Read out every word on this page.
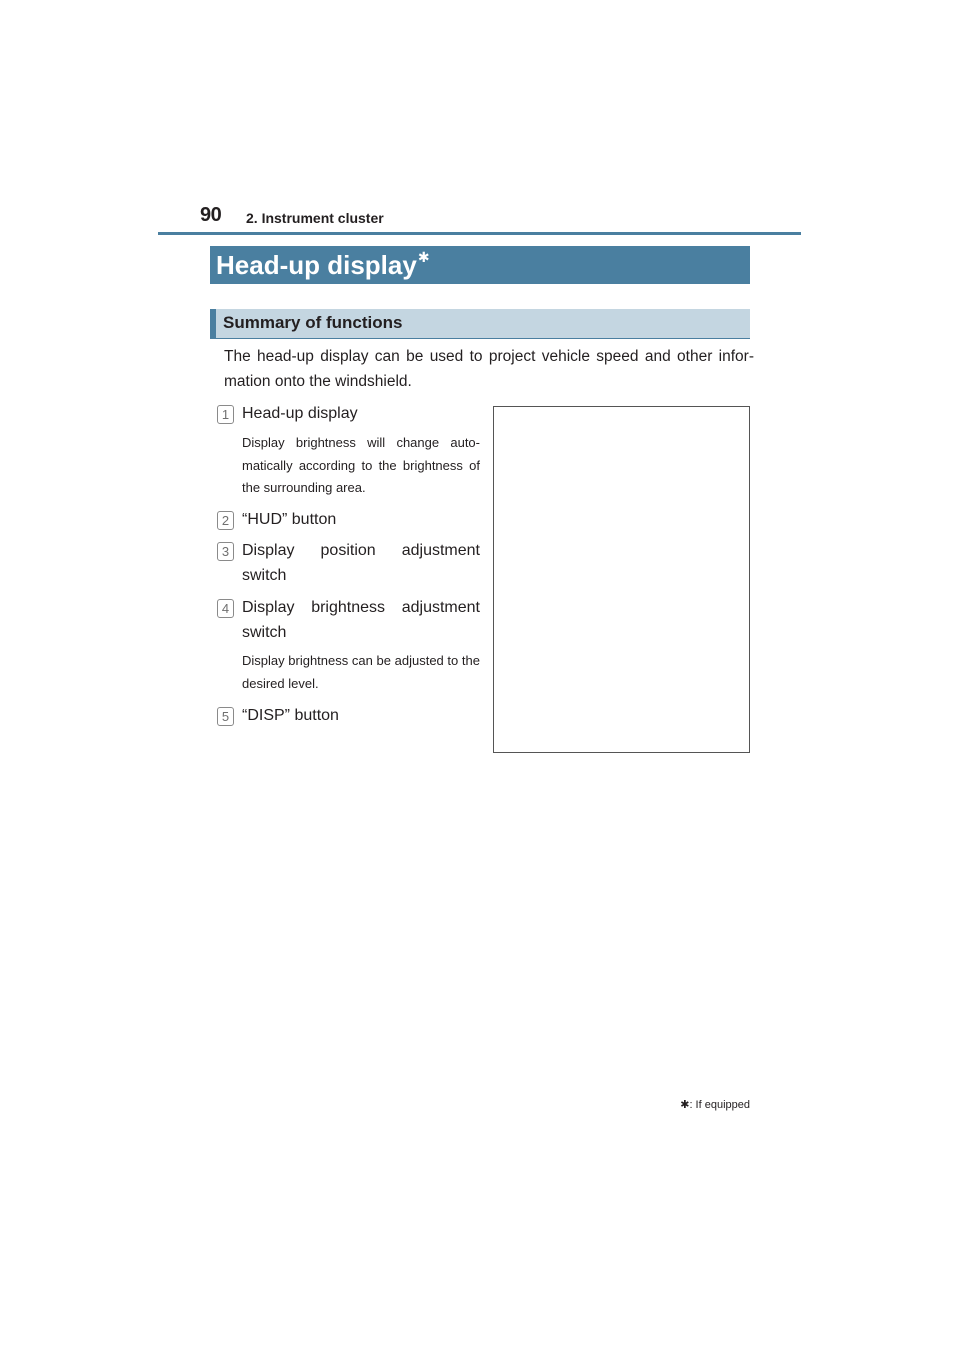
90 2. Instrument cluster
Head-up display✱
Summary of functions
The head-up display can be used to project vehicle speed and other infor-mation onto the windshield.
1 Head-up display
Display brightness will change auto-matically according to the brightness of the surrounding area.
2 “HUD” button
3 Display position adjustment switch
4 Display brightness adjustment switch
Display brightness can be adjusted to the desired level.
5 “DISP” button
✱: If equipped
